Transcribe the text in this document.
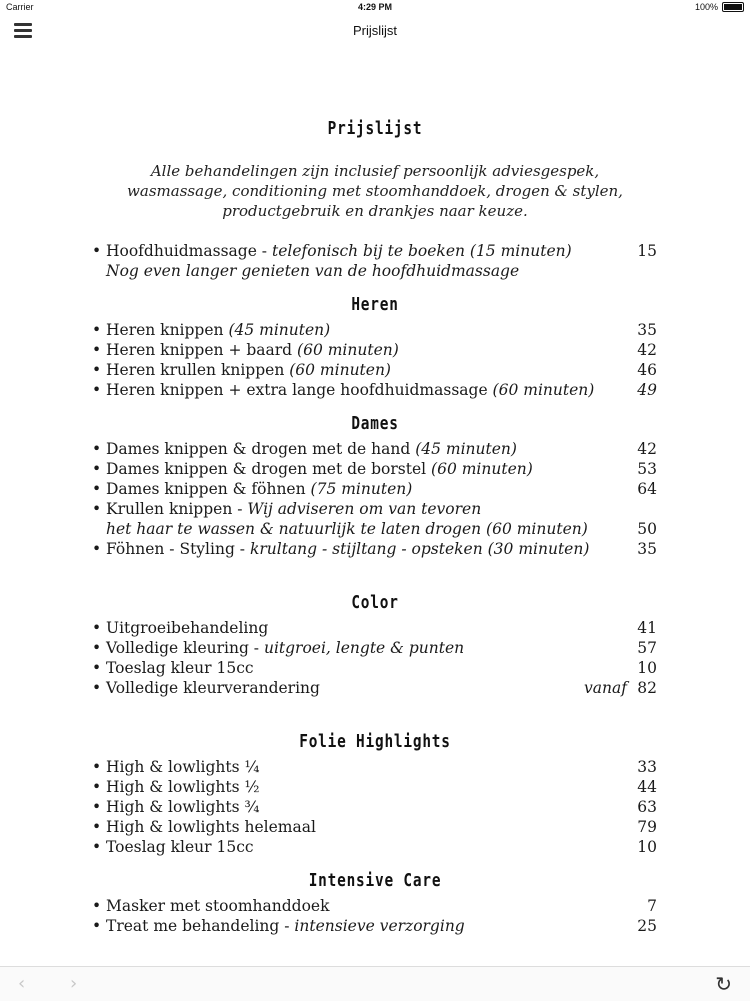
Carrier	4:29 PM	100%
Prijslijst
Prijslijst
Alle behandelingen zijn inclusief persoonlijk adviesgespek, wasmassage, conditioning met stoomhanddoek, drogen & stylen, productgebruik en drankjes naar keuze.
• Hoofdhuidmassage - telefonisch bij te boeken (15 minuten)	15
Nog even langer genieten van de hoofdhuidmassage
Heren
• Heren knippen (45 minuten)	35
• Heren knippen + baard (60 minuten)	42
• Heren krullen knippen (60 minuten)	46
• Heren knippen + extra lange hoofdhuidmassage (60 minuten)	49
Dames
• Dames knippen & drogen met de hand (45 minuten)	42
• Dames knippen & drogen met de borstel (60 minuten)	53
• Dames knippen & föhnen (75 minuten)	64
• Krullen knippen - Wij adviseren om van tevoren
het haar te wassen & natuurlijk te laten drogen (60 minuten)	50
• Föhnen - Styling - krultang - stijltang - opsteken (30 minuten)	35
Color
• Uitgroeibehandeling	41
• Volledige kleuring - uitgroei, lengte & punten	57
• Toeslag kleur 15cc	10
• Volledige kleurverandering	vanaf 82
Folie Highlights
• High & lowlights ¼	33
• High & lowlights ½	44
• High & lowlights ¾	63
• High & lowlights helemaal	79
• Toeslag kleur 15cc	10
Intensive Care
• Masker met stoomhanddoek	7
• Treat me behandeling - intensieve verzorging	25
‹ ›	↻
